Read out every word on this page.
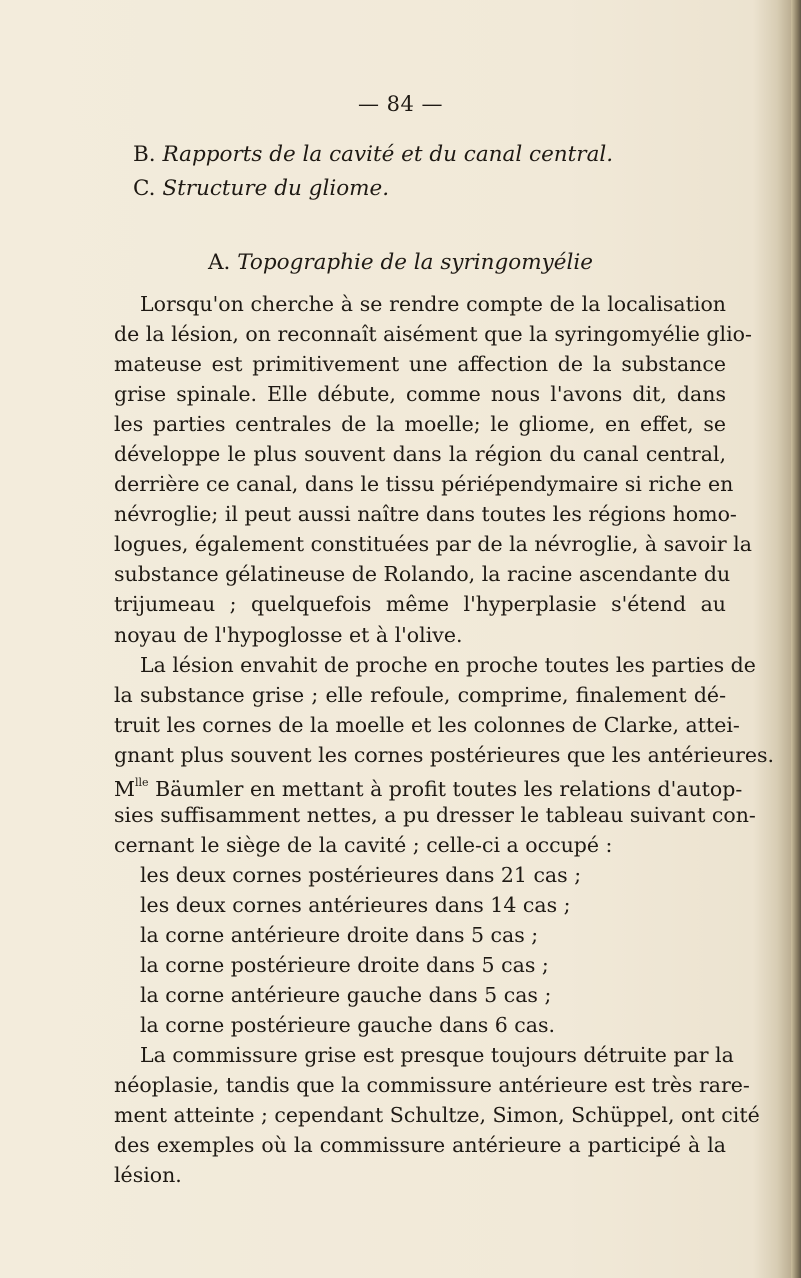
— 84 —
B. Rapports de la cavité et du canal central.
C. Structure du gliome.
A. Topographie de la syringomyélie
Lorsqu'on cherche à se rendre compte de la localisation
de la lésion, on reconnaît aisément que la syringomyélie glio-
mateuse est primitivement une affection de la substance
grise spinale. Elle débute, comme nous l'avons dit, dans
les parties centrales de la moelle; le gliome, en effet, se
développe le plus souvent dans la région du canal central,
derrière ce canal, dans le tissu périépendymaire si riche en
névroglie; il peut aussi naître dans toutes les régions homo-
logues, également constituées par de la névroglie, à savoir la
substance gélatineuse de Rolando, la racine ascendante du
trijumeau ; quelquefois même l'hyperplasie s'étend au
noyau de l'hypoglosse et à l'olive.
La lésion envahit de proche en proche toutes les parties de
la substance grise ; elle refoule, comprime, finalement dé-
truit les cornes de la moelle et les colonnes de Clarke, attei-
gnant plus souvent les cornes postérieures que les antérieures.
$M^{lle}$ Bäumler en mettant à profit toutes les relations d'autop-
sies suffisamment nettes, a pu dresser le tableau suivant con-
cernant le siège de la cavité ; celle-ci a occupé :
les deux cornes postérieures dans 21 cas ;
les deux cornes antérieures dans 14 cas ;
la corne antérieure droite dans 5 cas ;
la corne postérieure droite dans 5 cas ;
la corne antérieure gauche dans 5 cas ;
la corne postérieure gauche dans 6 cas.
La commissure grise est presque toujours détruite par la
néoplasie, tandis que la commissure antérieure est très rare-
ment atteinte ; cependant Schultze, Simon, Schüppel, ont cité
des exemples où la commissure antérieure a participé à la
lésion.
